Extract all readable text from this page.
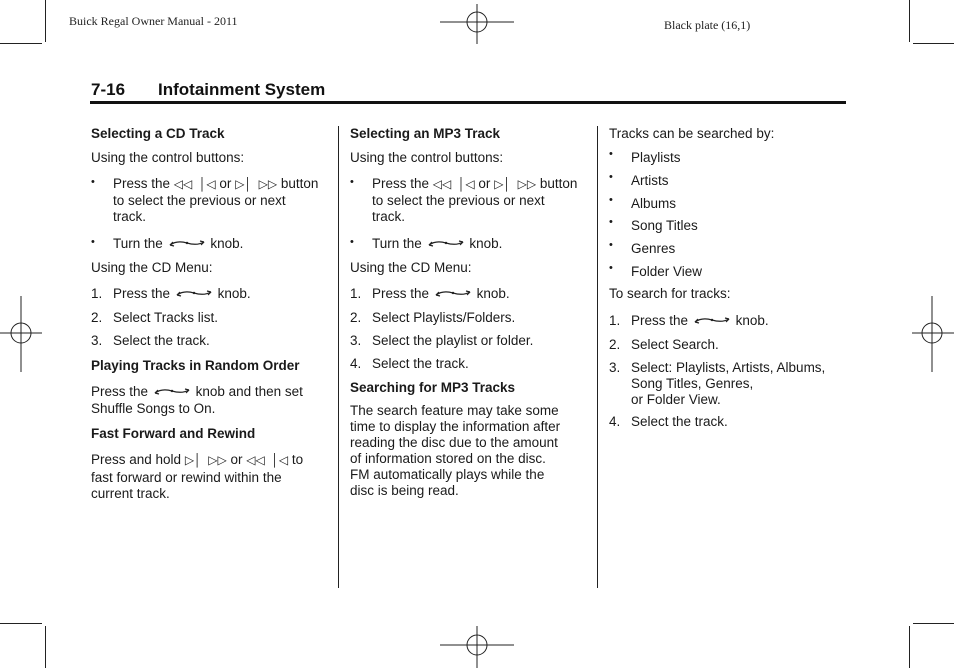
Buick Regal Owner Manual - 2011	Black plate (16,1)
7-16 Infotainment System
Selecting a CD Track
Using the control buttons:
• Press the ◁◁  │◁ or ▷│  ▷▷ button
to select the previous or next
track.
• Turn the	knob.
Using the CD Menu:
1. Press the	knob.
2. Select Tracks list.
3. Select the track.
Playing Tracks in Random Order
Press the	knob and then set
Shuffle Songs to On.
Fast Forward and Rewind
Press and hold ▷│  ▷▷ or ◁◁  │◁ to
fast forward or rewind within the
current track.
Selecting an MP3 Track
Using the control buttons:
• Press the ◁◁  │◁ or ▷│  ▷▷ button
to select the previous or next
track.
• Turn the	knob.
Using the CD Menu:
1. Press the	knob.
2. Select Playlists/Folders.
3. Select the playlist or folder.
4. Select the track.
Searching for MP3 Tracks
The search feature may take some
time to display the information after
reading the disc due to the amount
of information stored on the disc.
FM automatically plays while the
disc is being read.
Tracks can be searched by:
• Playlists
• Artists
• Albums
• Song Titles
• Genres
• Folder View
To search for tracks:
1. Press the	knob.
2. Select Search.
3. Select: Playlists, Artists, Albums,
Song Titles, Genres,
or Folder View.
4. Select the track.
